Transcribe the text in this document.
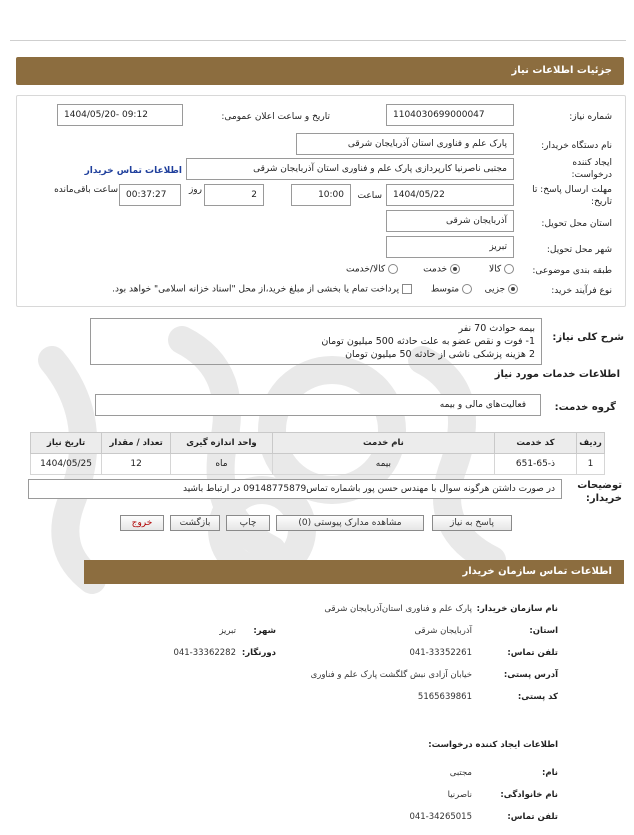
جزئیات اطلاعات نیاز
شماره نیاز:
1104030699000047
تاریخ و ساعت اعلان عمومی:
1404/05/20- 09:12
نام دستگاه خریدار:
پارک علم و فناوری استان آذربایجان شرقی
ایجاد کننده
درخواست:
مجتبی ناصرنیا کارپردازی پارک علم و فناوری استان آذربایجان شرقی
اطلاعات تماس خریدار
مهلت ارسال پاسخ: تا
تاریخ:
1404/05/22
ساعت
10:00
2
روز
00:37:27
ساعت باقی‌مانده
استان محل تحویل:
آذربایجان شرقی
شهر محل تحویل:
تبریز
طبقه بندی موضوعی:
کالا
خدمت
کالا/خدمت
نوع فرآیند خرید:
جزیی
متوسط
پرداخت تمام یا بخشی از مبلغ خرید،از محل "اسناد خزانه اسلامی" خواهد بود.
شرح کلی نیاز:
بیمه حوادث 70 نفر
1- فوت و نقص عضو به علت حادثه 500 میلیون تومان
2 هزینه پزشکی ناشی از حادثه 50 میلیون تومان
اطلاعات خدمات مورد نیاز
گروه خدمت:
فعالیت‌های مالی و بیمه
ردیف	کد خدمت	نام خدمت	واحد اندازه گیری	تعداد / مقدار	تاریخ نیاز
1	ذ-65-651	بیمه	ماه	12	1404/05/25
توضیحات
خریدار:
در صورت داشتن هرگونه سوال با مهندس حسن پور باشماره تماس09148775879 در ارتباط باشید
پاسخ به نیاز
مشاهده مدارک پیوستی (0)
چاپ
بازگشت
خروج
اطلاعات تماس سازمان خریدار
نام سازمان خریدار:
پارک علم و فناوری استان‌آذربایجان شرقی
استان:
آذربایجان شرقی
شهر:
تبریز
تلفن تماس:
041-33352261
دورنگار:
041-33362282
آدرس پستی:
خیابان آزادی نبش گلگشت پارک علم و فناوری
کد پستی:
5165639861
اطلاعات ایجاد کننده درخواست:
نام:
مجتبی
نام خانوادگی:
ناصرنیا
تلفن تماس:
041-34265015
